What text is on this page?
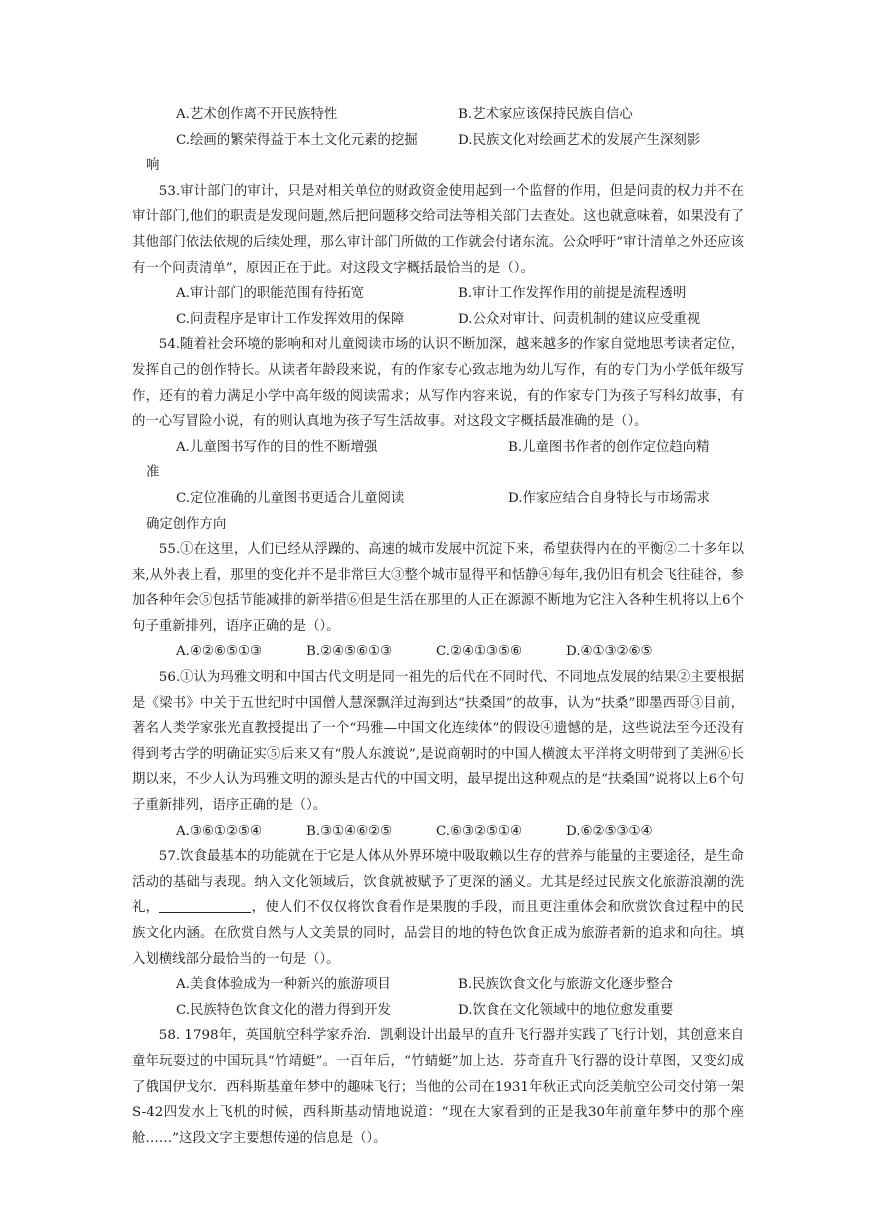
A.艺术创作离不开民族特性	B.艺术家应该保持民族自信心
C.绘画的繁荣得益于本土文化元素的挖掘	D.民族文化对绘画艺术的发展产生深刻影
响

53.审计部门的审计，只是对相关单位的财政资金使用起到一个监督的作用，但是问责的权力并不在审计部门,他们的职责是发现问题,然后把问题移交给司法等相关部门去查处。这也就意味着，如果没有了其他部门依法依规的后续处理，那么审计部门所做的工作就会付诸东流。公众呼吁“审计清单之外还应该有一个问责清单”，原因正在于此。对这段文字概括最恰当的是（）。

A.审计部门的职能范围有待拓宽	B.审计工作发挥作用的前提是流程透明
C.问责程序是审计工作发挥效用的保障	D.公众对审计、问责机制的建议应受重视

54.随着社会环境的影响和对儿童阅读市场的认识不断加深，越来越多的作家自觉地思考读者定位，发挥自己的创作特长。从读者年龄段来说，有的作家专心致志地为幼儿写作，有的专门为小学低年级写作，还有的着力满足小学中高年级的阅读需求；从写作内容来说，有的作家专门为孩子写科幻故事，有的一心写冒险小说，有的则认真地为孩子写生活故事。对这段文字概括最准确的是（）。

A.儿童图书写作的目的性不断增强	B.儿童图书作者的创作定位趋向精
准
C.定位准确的儿童图书更适合儿童阅读	D.作家应结合自身特长与市场需求
确定创作方向

55.①在这里，人们已经从浮躁的、高速的城市发展中沉淀下来，希望获得内在的平衡②二十多年以来,从外表上看，那里的变化并不是非常巨大③整个城市显得平和恬静④每年,我仍旧有机会飞往硅谷，参加各种年会⑤包括节能减排的新举措⑥但是生活在那里的人正在源源不断地为它注入各种生机将以上6个句子重新排列，语序正确的是（）。

A.④②⑥⑤①③	B.②④⑤⑥①③	C.②④①③⑤⑥	D.④①③②⑥⑤

56.①认为玛雅文明和中国古代文明是同一祖先的后代在不同时代、不同地点发展的结果②主要根据是《梁书》中关于五世纪时中国僧人慧深飘洋过海到达“扶桑国”的故事，认为“扶桑”即墨西哥③目前，著名人类学家张光直教授提出了一个“玛雅—中国文化连续体”的假设④遗憾的是，这些说法至今还没有得到考古学的明确证实⑤后来又有“殷人东渡说”,是说商朝时的中国人横渡太平洋将文明带到了美洲⑥长期以来，不少人认为玛雅文明的源头是古代的中国文明，最早提出这种观点的是“扶桑国”说将以上6个句子重新排列，语序正确的是（）。

A.③⑥①②⑤④	B.③①④⑥②⑤	C.⑥③②⑤①④	D.⑥②⑤③①④

57.饮食最基本的功能就在于它是人体从外界环境中吸取赖以生存的营养与能量的主要途径，是生命活动的基础与表现。纳入文化领域后，饮食就被赋予了更深的涵义。尤其是经过民族文化旅游浪潮的洗礼，	，使人们不仅仅将饮食看作是果腹的手段，而且更注重体会和欣赏饮食过程中的民族文化内涵。在欣赏自然与人文美景的同时，品尝目的地的特色饮食正成为旅游者新的追求和向往。填入划横线部分最恰当的一句是（）。

A.美食体验成为一种新兴的旅游项目	B.民族饮食文化与旅游文化逐步整合
C.民族特色饮食文化的潜力得到开发	D.饮食在文化领域中的地位愈发重要

58. 1798年，英国航空科学家乔治．凯剩设计出最早的直升飞行器并实践了飞行计划，其创意来自童年玩耍过的中国玩具“竹靖蜓”。一百年后，“竹蜻蜓”加上达．芬奇直升飞行器的设计草图，又变幻成了俄国伊戈尔．西科斯基童年梦中的趣味飞行；当他的公司在1931年秋正式向泛美航空公司交付第一架S-42四发水上飞机的时候，西科斯基动情地说道：“现在大家看到的正是我30年前童年梦中的那个座舱……”这段文字主要想传递的信息是（）。
